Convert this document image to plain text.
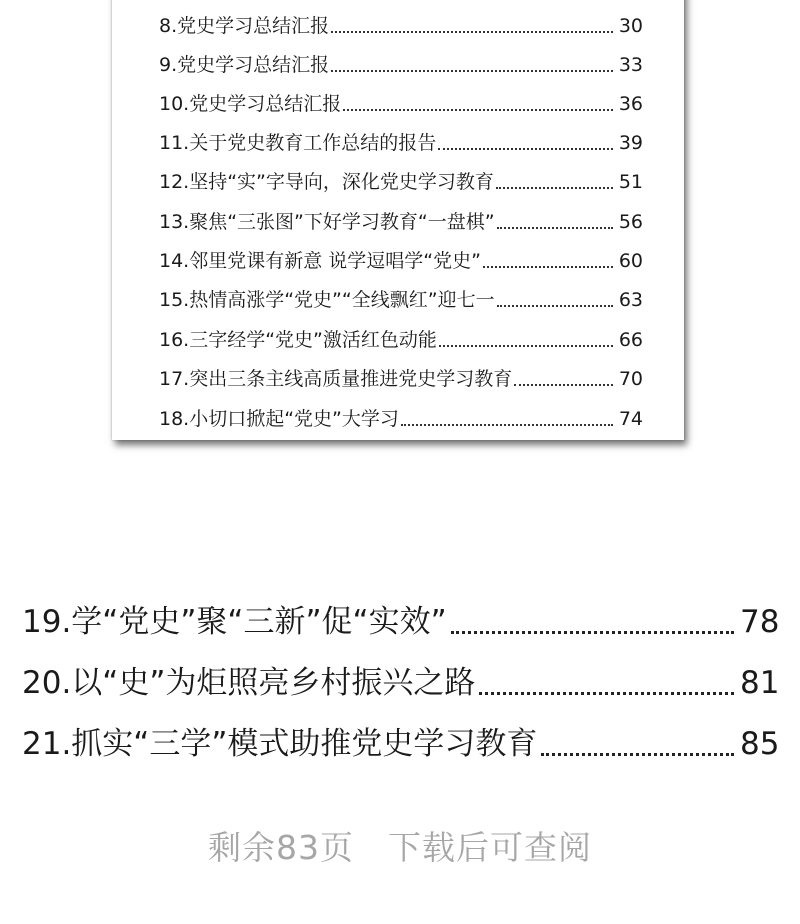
8.党史学习总结汇报	30
9.党史学习总结汇报	33
10.党史学习总结汇报	36
11.关于党史教育工作总结的报告	39
12.坚持“实”字导向，深化党史学习教育	51
13.聚焦“三张图”下好学习教育“一盘棋”	56
14.邻里党课有新意 说学逗唱学“党史”	60
15.热情高涨学“党史”“全线飘红”迎七一	63
16.三字经学“党史”激活红色动能	66
17.突出三条主线高质量推进党史学习教育	70
18.小切口掀起“党史”大学习	74
19.学“党史”聚“三新”促“实效”	78
20.以“史”为炬照亮乡村振兴之路	81
21.抓实“三学”模式助推党史学习教育	85
剩余83页 下载后可查阅
